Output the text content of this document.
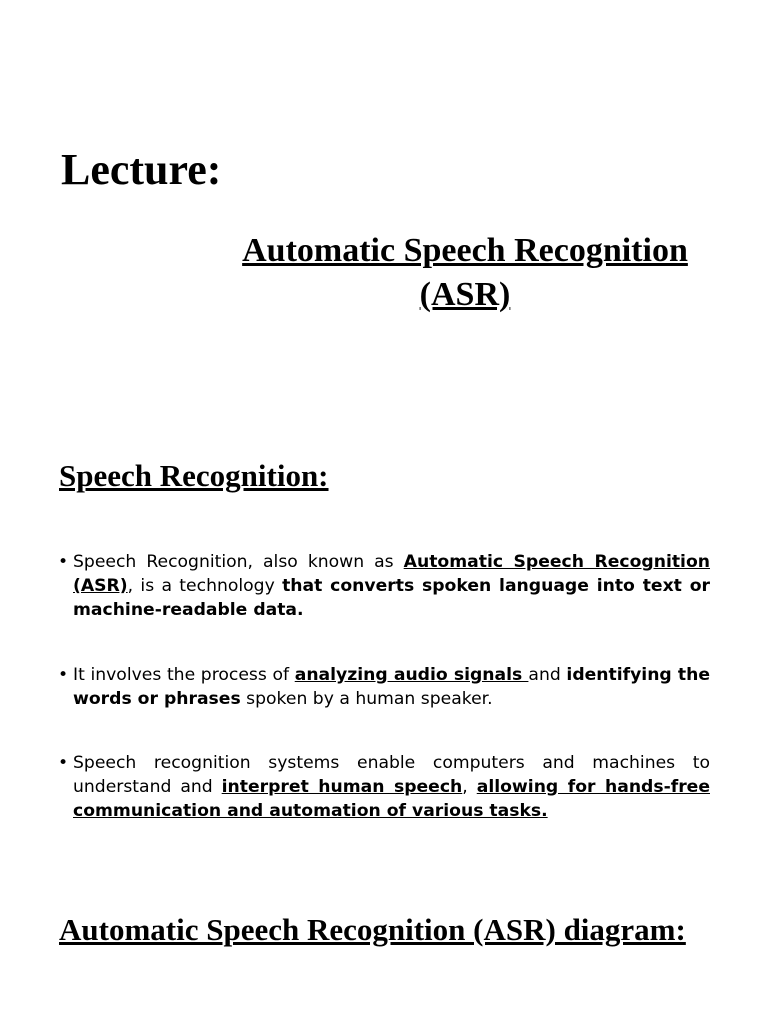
Lecture:
Automatic Speech Recognition
(ASR)
Speech Recognition:
• Speech Recognition, also known as Automatic Speech Recognition (ASR), is a technology that converts spoken language into text or machine-readable data.
• It involves the process of analyzing audio signals and identifying the words or phrases spoken by a human speaker.
• Speech recognition systems enable computers and machines to understand and interpret human speech, allowing for hands-free communication and automation of various tasks.
Automatic Speech Recognition (ASR) diagram:
